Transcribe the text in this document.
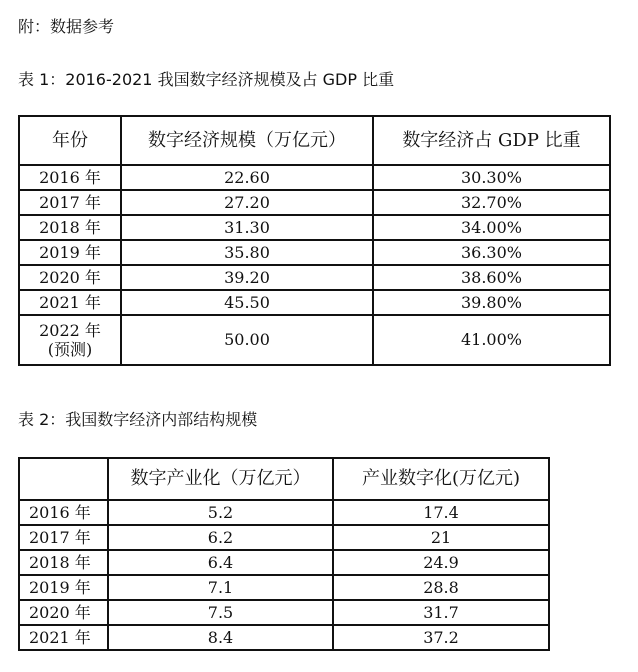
附：数据参考
表 1：2016-2021 我国数字经济规模及占 GDP 比重
年份	数字经济规模（万亿元）	数字经济占 GDP 比重
2016 年	22.60	30.30%
2017 年	27.20	32.70%
2018 年	31.30	34.00%
2019 年	35.80	36.30%
2020 年	39.20	38.60%
2021 年	45.50	39.80%

2022 年
(预测)	50.00	41.00%
表 2：我国数字经济内部结构规模
	数字产业化（万亿元）	产业数字化(万亿元)
2016 年	5.2	17.4
2017 年	6.2	21
2018 年	6.4	24.9
2019 年	7.1	28.8
2020 年	7.5	31.7
2021 年	8.4	37.2
